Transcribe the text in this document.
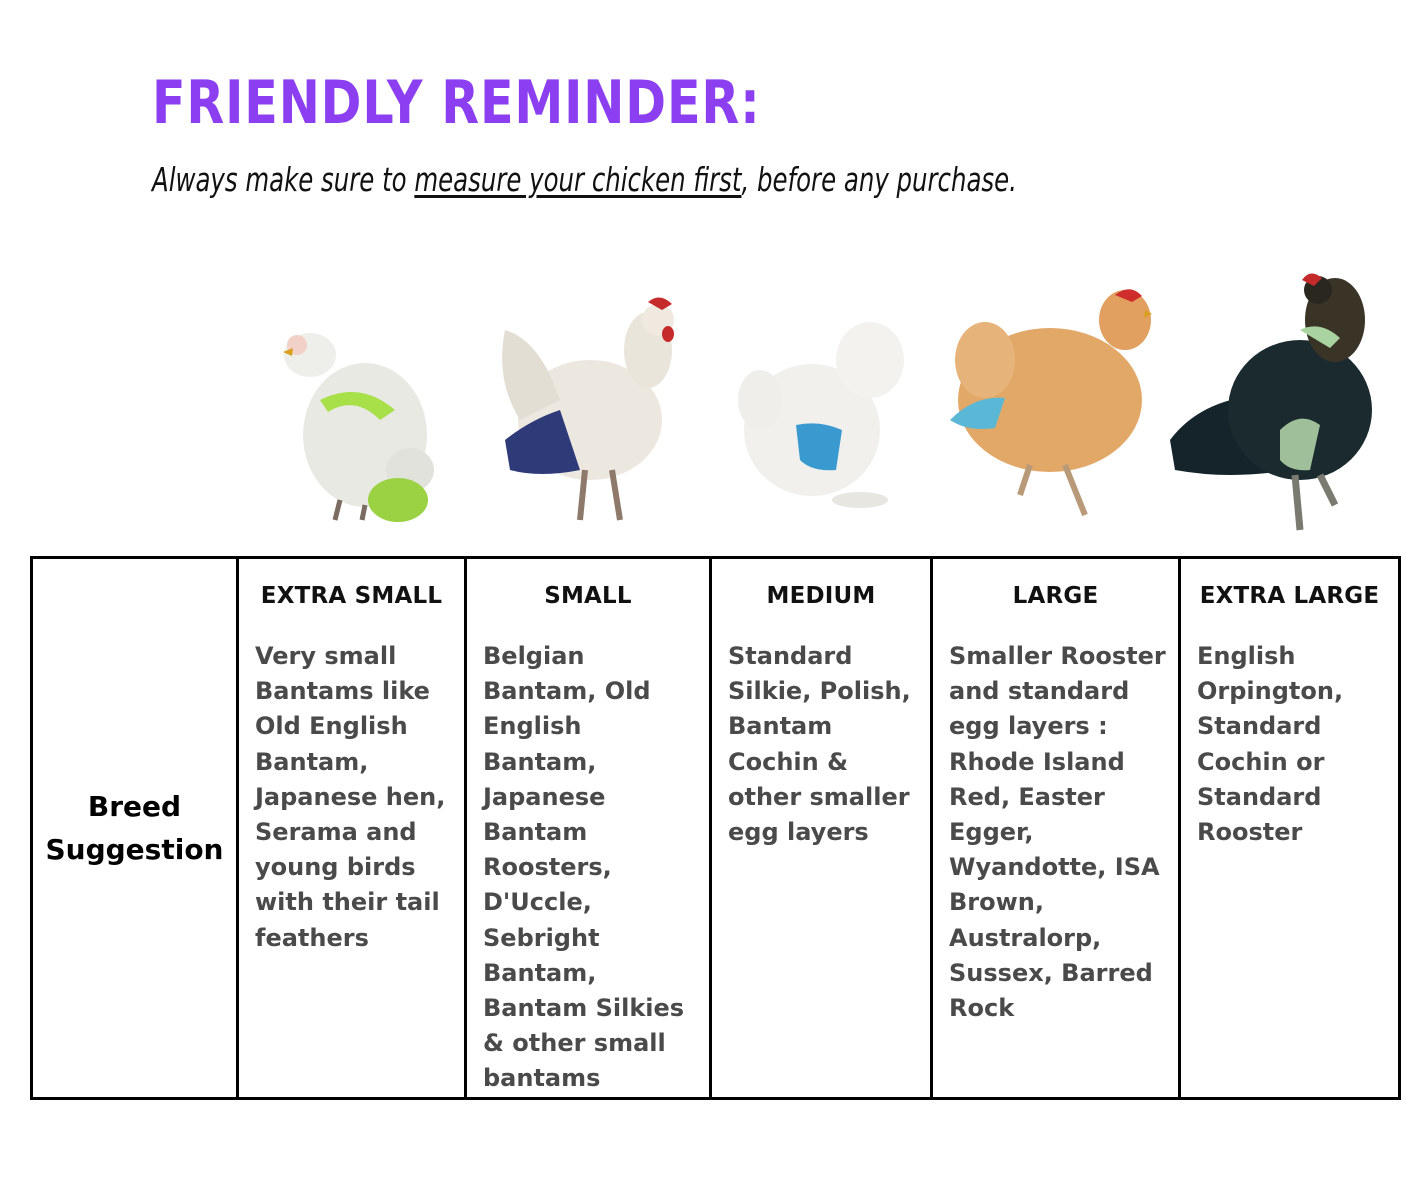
FRIENDLY REMINDER:
Always make sure to measure your chicken first, before any purchase.
Breed
Suggestion	
EXTRA SMALL
Very small
Bantams like
Old English
Bantam,
Japanese hen,
Serama and
young birds
with their tail
feathers

SMALL
Belgian
Bantam, Old
English Bantam,
Japanese
Bantam
Roosters,
D'Uccle,
Sebright
Bantam,
Bantam Silkies
& other small
bantams

MEDIUM
Standard
Silkie, Polish,
Bantam
Cochin &
other smaller
egg layers

LARGE
Smaller Rooster
and standard
egg layers :
Rhode Island
Red, Easter
Egger,
Wyandotte, ISA
Brown,
Australorp,
Sussex, Barred
Rock

EXTRA LARGE
English
Orpington,
Standard
Cochin or
Standard
Rooster
